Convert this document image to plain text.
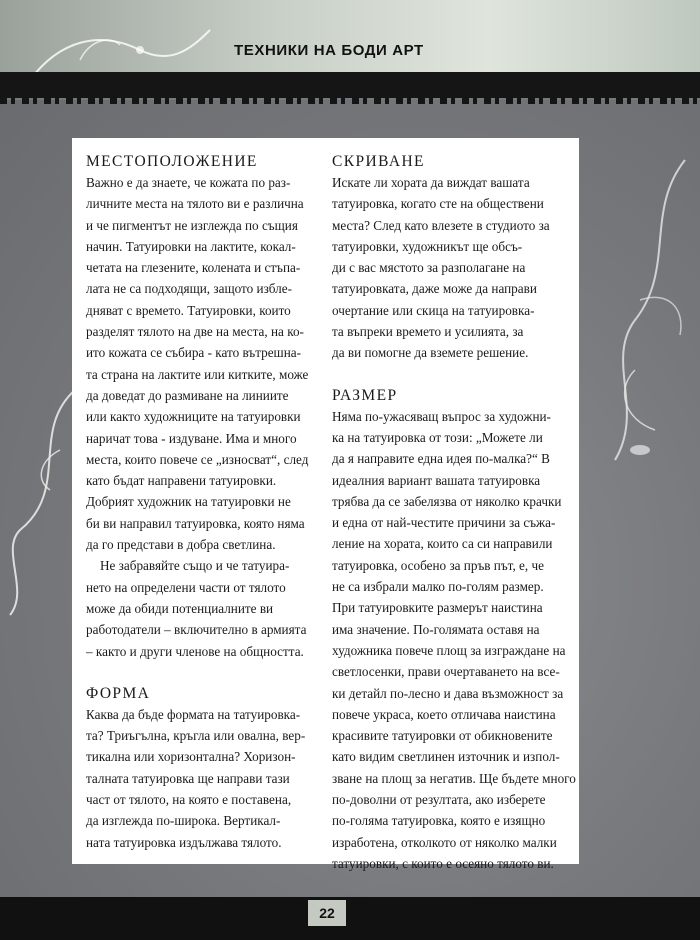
ТЕХНИКИ НА БОДИ АРТ
МЕСТОПОЛОЖЕНИЕ

Важно е да знаете, че кожата по раз-
личните места на тялото ви е различна
и че пигментът не изглежда по същия
начин. Татуировки на лактите, кокал-
четата на глезените, колената и стъпа-
лата не са подходящи, защото избле-
дняват с времето. Татуировки, които
разделят тялото на две на места, на ко-
ито кожата се събира - като вътрешна-
та страна на лактите или китките, може
да доведат до размиване на линиите
или както художниците на татуировки
наричат това - издуване. Има и много
места, които повече се „износват“, след
като бъдат направени татуировки.
Добрият художник на татуировки не
би ви направил татуировка, която няма
да го представи в добра светлина.

Не забравяйте също и че татуира-
нето на определени части от тялото
може да обиди потенциалните ви
работодатели – включително в армията
– както и други членове на общността.

ФОРМА

Каква да бъде формата на татуировка-
та? Триъгълна, кръгла или овална, вер-
тикална или хоризонтална? Хоризон-
талната татуировка ще направи тази
част от тялото, на която е поставена,
да изглежда по-широка. Вертикал-
ната татуировка издължава тялото.

СКРИВАНЕ

Искате ли хората да виждат вашата
татуировка, когато сте на обществени
места? След като влезете в студиото за
татуировки, художникът ще обсъ-
ди с вас мястото за разполагане на
татуировката, даже може да направи
очертание или скица на татуировка-
та въпреки времето и усилията, за
да ви помогне да вземете решение.

РАЗМЕР

Няма по-ужасяващ въпрос за художни-
ка на татуировка от този: „Можете ли
да я направите една идея по-малка?“ В
идеалния вариант вашата татуировка
трябва да се забелязва от няколко крачки
и една от най-честите причини за съжа-
ление на хората, които са си направили
татуировка, особено за пръв път, е, че
не са избрали малко по-голям размер.
При татуировките размерът наистина
има значение. По-голямата оставя на
художника повече площ за изграждане на
светлосенки, прави очертаването на все-
ки детайл по-лесно и дава възможност за
повече украса, което отличава наистина
красивите татуировки от обикновените
като видим светлинен източник и изпол-
зване на площ за негатив. Ще бъдете много
по-доволни от резултата, ако изберете
по-голяма татуировка, която е изящно
изработена, отколкото от няколко малки
татуировки, с които е осеяно тялото ви.

22
